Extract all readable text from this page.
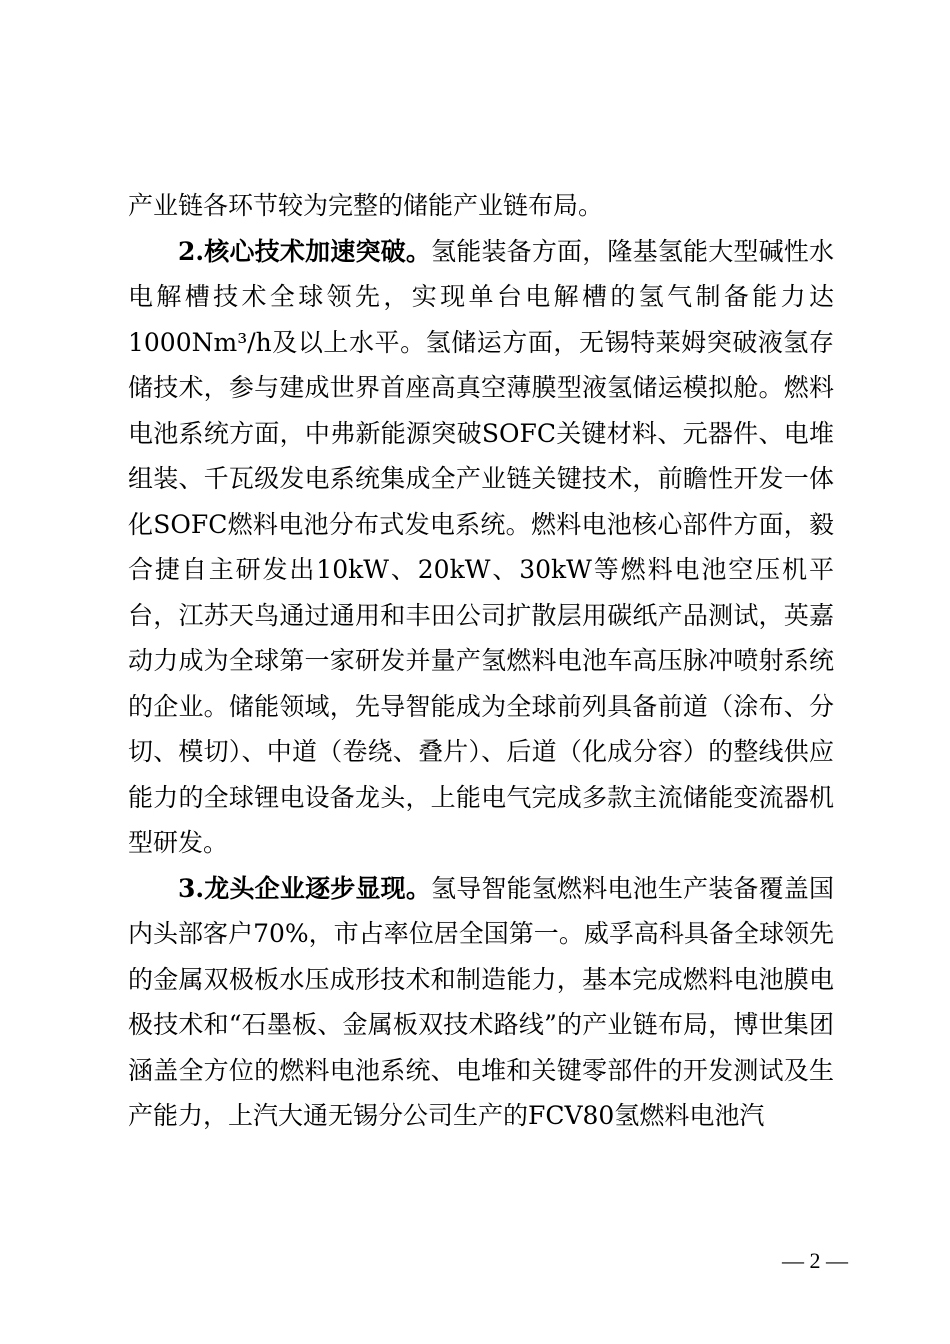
产业链各环节较为完整的储能产业链布局。

2.核心技术加速突破。氢能装备方面，隆基氢能大型碱性水电解槽技术全球领先，实现单台电解槽的氢气制备能力达1000Nm³/h及以上水平。氢储运方面，无锡特莱姆突破液氢存储技术，参与建成世界首座高真空薄膜型液氢储运模拟舱。燃料电池系统方面，中弗新能源突破SOFC关键材料、元器件、电堆组装、千瓦级发电系统集成全产业链关键技术，前瞻性开发一体化SOFC燃料电池分布式发电系统。燃料电池核心部件方面，毅合捷自主研发出10kW、20kW、30kW等燃料电池空压机平台，江苏天鸟通过通用和丰田公司扩散层用碳纸产品测试，英嘉动力成为全球第一家研发并量产氢燃料电池车高压脉冲喷射系统的企业。储能领域，先导智能成为全球前列具备前道（涂布、分切、模切）、中道（卷绕、叠片）、后道（化成分容）的整线供应能力的全球锂电设备龙头，上能电气完成多款主流储能变流器机型研发。

3.龙头企业逐步显现。氢导智能氢燃料电池生产装备覆盖国内头部客户70%，市占率位居全国第一。威孚高科具备全球领先的金属双极板水压成形技术和制造能力，基本完成燃料电池膜电极技术和“石墨板、金属板双技术路线”的产业链布局，博世集团涵盖全方位的燃料电池系统、电堆和关键零部件的开发测试及生产能力，上汽大通无锡分公司生产的FCV80氢燃料电池汽

— 2 —
